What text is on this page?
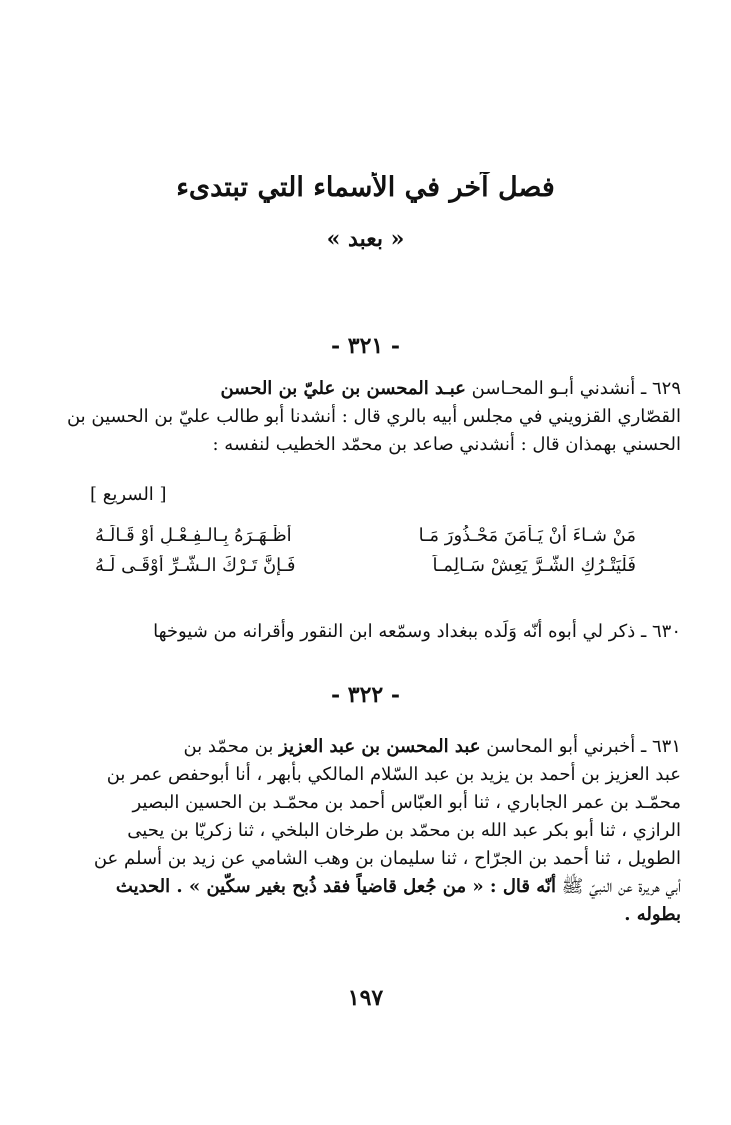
فصل آخر في الأسماء التي تبتدىء
« بعبد »
- ٣٢١ -
٦٢٩ ـ أنشدني أبـو المحـاسن عبـد المحسن بن عليّ بن الحسن
القصّاري القزويني في مجلس أبيه بالري قال : أنشدنا أبو طالب عليّ بن الحسين بن
الحسني بهمذان قال : أنشدني صاعد بن محمّد الخطيب لنفسه :
[ السريع ]
مَنْ شـاءَ أَنْ يَـأْمَنَ مَحْـذُورَ مَـا
أَظْـهَـرَهُ بِـالـفِـعْـلِ أَوْ قَـالَـهُ
فَلْيَتْـرُكِ الشَّـرَّ يَعِشْ سَـالِمـاً
فَـإِنَّ تَـرْكَ الـشَّـرِّ أَوْقَـى لَـهُ
٦٣٠ ـ ذكر لي أبوه أنّه وَلَده ببغداد وسمّعه ابن النقور وأقرانه من شيوخها
- ٣٢٢ -
٦٣١ ـ أخبرني أبو المحاسن عبد المحسن بن عبد العزيز بن محمّد بن
عبد العزيز بن أحمد بن يزيد بن عبد السّلام المالكي بأبهر ، أنا أبوحفص عمر بن
محمّـد بن عمر الجاباري ، ثنا أبو العبّاس أحمد بن محمّـد بن الحسين البصير
الرازي ، ثنا أبو بكر عبد الله بن محمّد بن طرخان البلخي ، ثنا زكريّا بن يحيى
الطويل ، ثنا أحمد بن الجرّاح ، ثنا سليمان بن وهب الشامي عن زيد بن أسلم عن
أبي هريرة عن النبيّ ﷺ أنّه قال : « من جُعل قاضياً فقد ذُبح بغير سكّين » . الحديث
بطوله .
١٩٧
